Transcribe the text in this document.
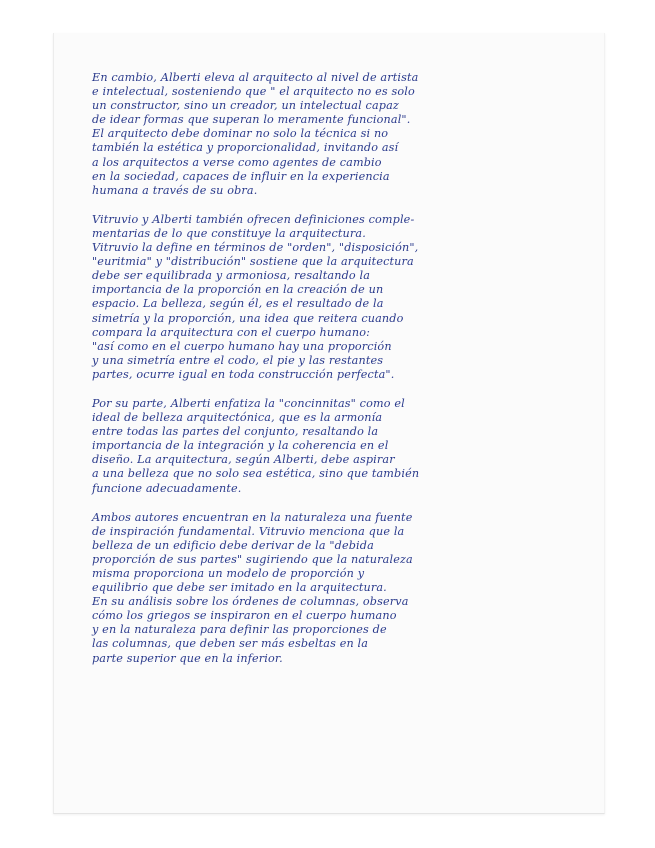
En cambio, Alberti eleva al arquitecto al nivel de artista
e intelectual, sosteniendo que " el arquitecto no es solo
un constructor, sino un creador, un intelectual capaz
de idear formas que superan lo meramente funcional".
El arquitecto debe dominar no solo la técnica si no
también la estética y proporcionalidad, invitando así
a los arquitectos a verse como agentes de cambio
en la sociedad, capaces de influir en la experiencia
humana a través de su obra.
Vitruvio y Alberti también ofrecen definiciones comple-
mentarias de lo que constituye la arquitectura.
Vitruvio la define en términos de "orden", "disposición",
"euritmia" y "distribución" sostiene que la arquitectura
debe ser equilibrada y armoniosa, resaltando la
importancia de la proporción en la creación de un
espacio. La belleza, según él, es el resultado de la
simetría y la proporción, una idea que reitera cuando
compara la arquitectura con el cuerpo humano:
"así como en el cuerpo humano hay una proporción
y una simetría entre el codo, el pie y las restantes
partes, ocurre igual en toda construcción perfecta".
Por su parte, Alberti enfatiza la "concinnitas" como el
ideal de belleza arquitectónica, que es la armonía
entre todas las partes del conjunto, resaltando la
importancia de la integración y la coherencia en el
diseño. La arquitectura, según Alberti, debe aspirar
a una belleza que no solo sea estética, sino que también
funcione adecuadamente.
Ambos autores encuentran en la naturaleza una fuente
de inspiración fundamental. Vitruvio menciona que la
belleza de un edificio debe derivar de la "debida
proporción de sus partes" sugiriendo que la naturaleza
misma proporciona un modelo de proporción y
equilibrio que debe ser imitado en la arquitectura.
En su análisis sobre los órdenes de columnas, observa
cómo los griegos se inspiraron en el cuerpo humano
y en la naturaleza para definir las proporciones de
las columnas, que deben ser más esbeltas en la
parte superior que en la inferior.
